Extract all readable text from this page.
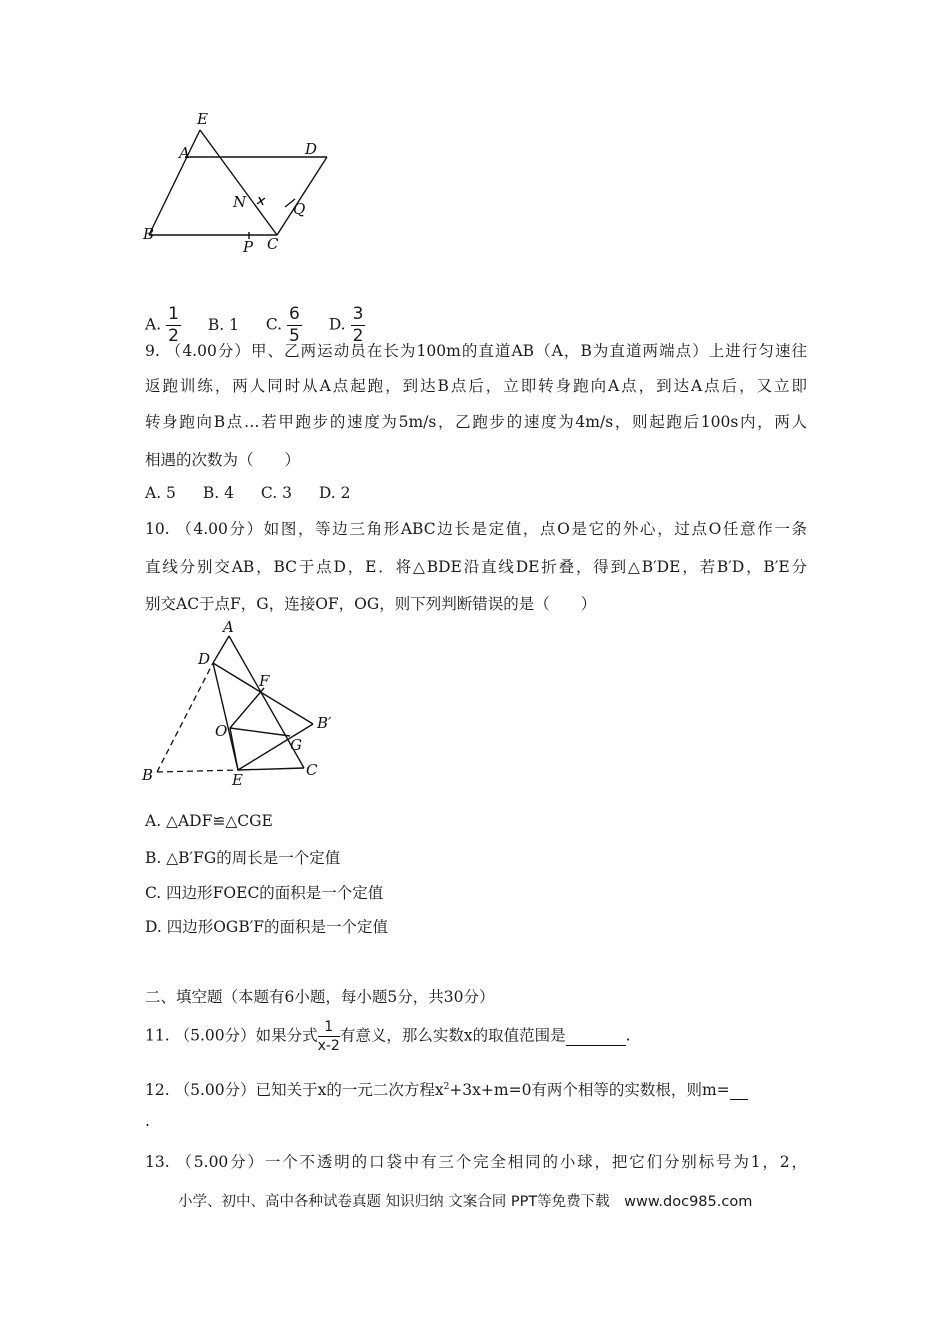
E
A	D
N	Q
B
P C
A. $\frac{1}{2} B$. 1 C. $\frac{6}{5} D$. $\frac{3}{2}$
9. （4.00分）甲、乙两运动员在长为100m的直道AB（A，B为直道两端点）上进行匀速往
返跑训练，两人同时从A点起跑，到达B点后，立即转身跑向A点，到达A点后，又立即
转身跑向B点…若甲跑步的速度为5m/s，乙跑步的速度为4m/s，则起跑后100s内，两人
相遇的次数为（　　）
A. 5 B. 4 C. 3 D. 2
10. （4.00分）如图，等边三角形ABC边长是定值，点O是它的外心，过点O任意作一条
直线分别交AB，BC于点D，E．将△BDE沿直线DE折叠，得到△B′DE，若B′D，B′E分
别交AC于点F，G，连接OF，OG，则下列判断错误的是（　　）
A
D
F
B′
O
G
B	E
C
A. △ADF≌△CGE
B. △B′FG的周长是一个定值
C. 四边形FOEC的面积是一个定值
D. 四边形OGB′F的面积是一个定值
二、填空题（本题有6小题，每小题5分，共30分）
11. （5.00分）如果分式 $\frac{1}{x-2}$ 有意义，那么实数x的取值范围是	.
12. （5.00分）已知关于x的一元二次方程$x^2+3x+m=0$有两个相等的实数根，则m=
.
13. （5.00分）一个不透明的口袋中有三个完全相同的小球，把它们分别标号为1，2，
小学、初中、高中各种试卷真题 知识归纳 文案合同 PPT等免费下载　www.doc985.com
